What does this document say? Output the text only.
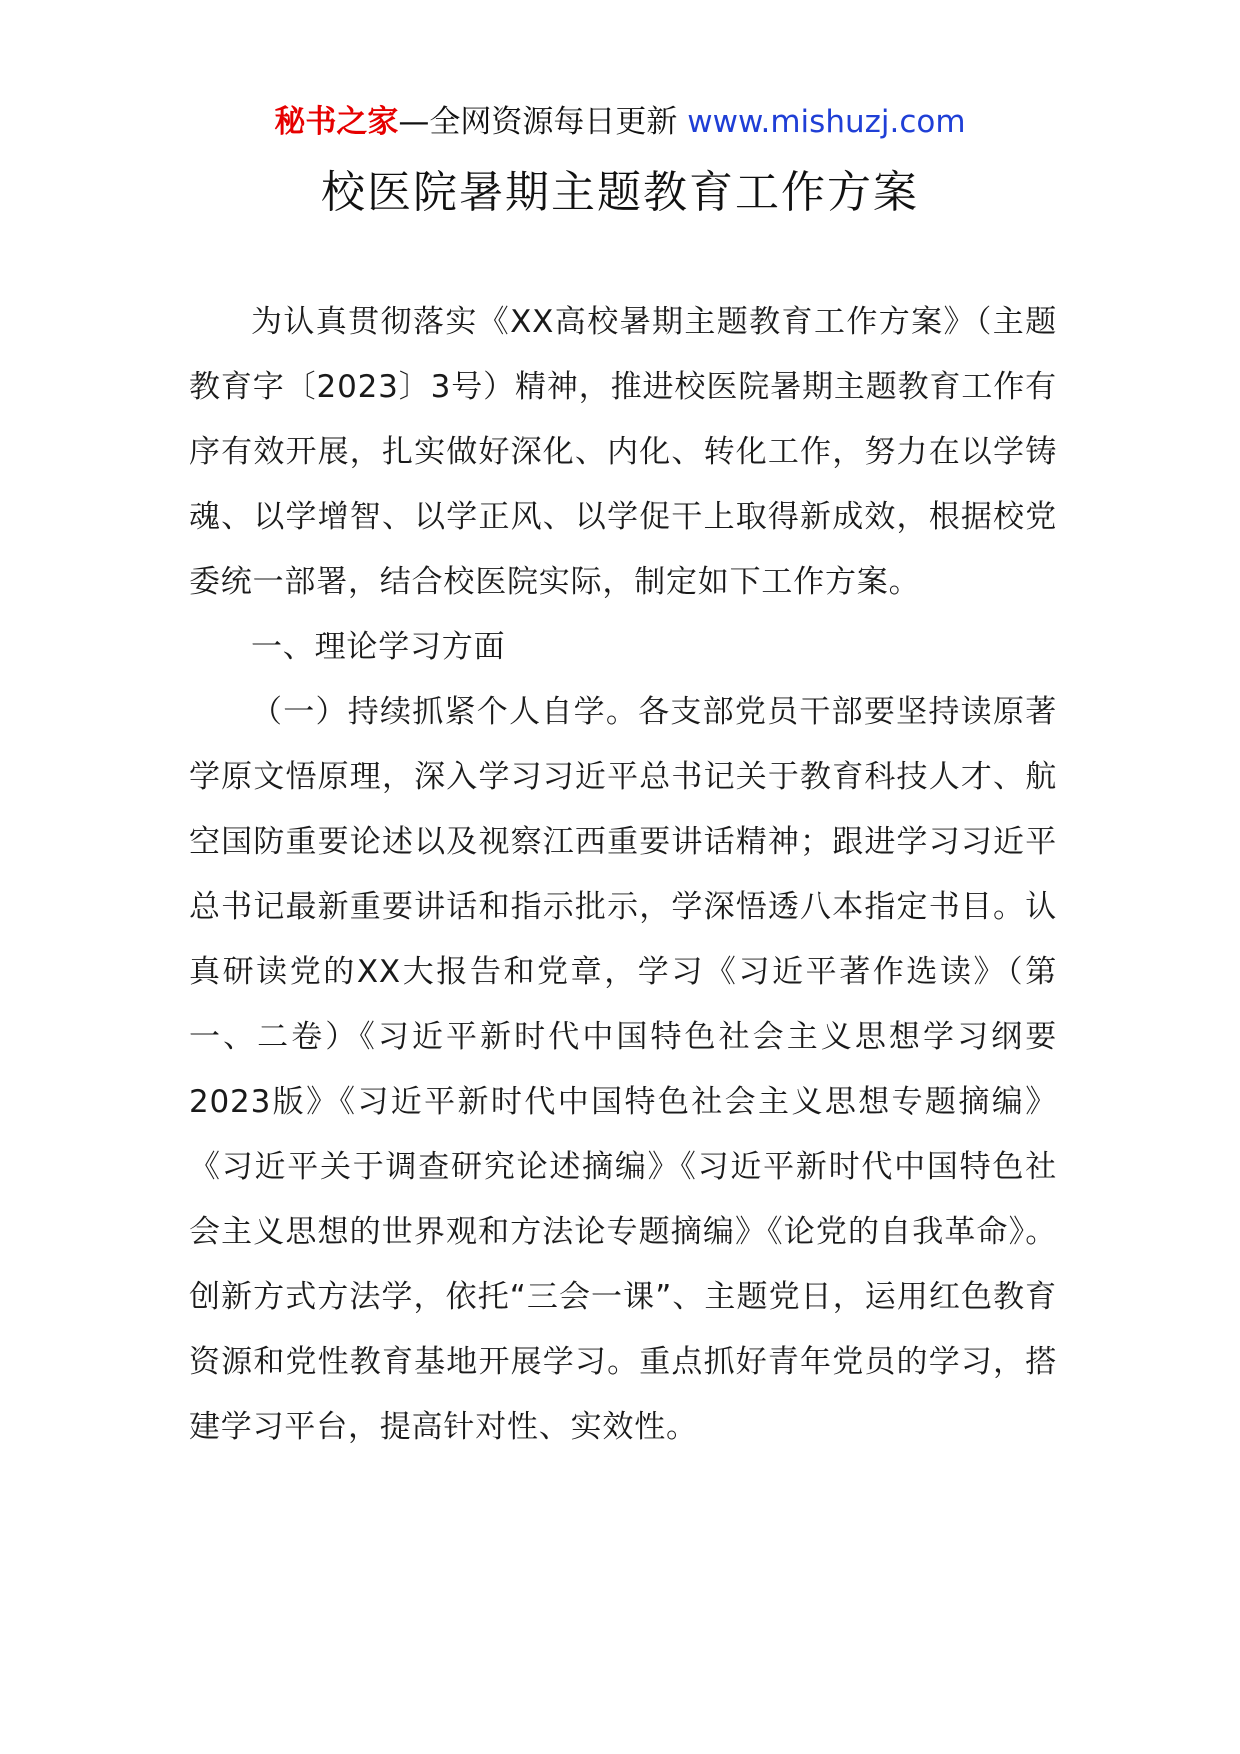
秘书之家—全网资源每日更新 www.mishuzj.com
校医院暑期主题教育工作方案

为认真贯彻落实《XX高校暑期主题教育工作方案》（主题教育字〔2023〕3号）精神，推进校医院暑期主题教育工作有序有效开展，扎实做好深化、内化、转化工作，努力在以学铸魂、以学增智、以学正风、以学促干上取得新成效，根据校党委统一部署，结合校医院实际，制定如下工作方案。

一、理论学习方面

（一）持续抓紧个人自学。各支部党员干部要坚持读原著学原文悟原理，深入学习习近平总书记关于教育科技人才、航空国防重要论述以及视察江西重要讲话精神；跟进学习习近平总书记最新重要讲话和指示批示，学深悟透八本指定书目。认真研读党的XX大报告和党章，学习《习近平著作选读》（第一、二卷）《习近平新时代中国特色社会主义思想学习纲要2023版》《习近平新时代中国特色社会主义思想专题摘编》《习近平关于调查研究论述摘编》《习近平新时代中国特色社会主义思想的世界观和方法论专题摘编》《论党的自我革命》。创新方式方法学，依托“三会一课”、主题党日，运用红色教育资源和党性教育基地开展学习。重点抓好青年党员的学习，搭建学习平台，提高针对性、实效性。
